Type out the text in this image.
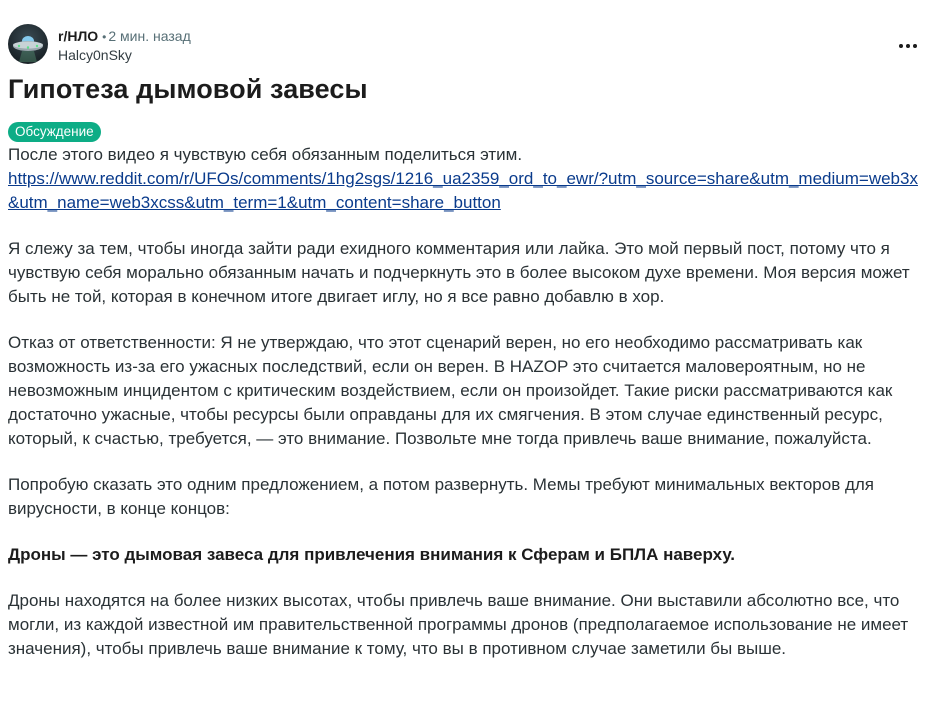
r/НЛО • 2 мин. назад
Halcy0nSky
Гипотеза дымовой завесы
Обсуждение

После этого видео я чувствую себя обязанным поделиться этим.
https://www.reddit.com/r/UFOs/comments/1hg2sgs/1216_ua2359_ord_to_ewr/?utm_source=share&utm_medium=web3x&utm_name=web3xcss&utm_term=1&utm_content=share_button

Я слежу за тем, чтобы иногда зайти ради ехидного комментария или лайка. Это мой первый пост, потому что я чувствую себя морально обязанным начать и подчеркнуть это в более высоком духе времени. Моя версия может быть не той, которая в конечном итоге двигает иглу, но я все равно добавлю в хор.

Отказ от ответственности: Я не утверждаю, что этот сценарий верен, но его необходимо рассматривать как возможность из-за его ужасных последствий, если он верен. В HAZOP это считается маловероятным, но не невозможным инцидентом с критическим воздействием, если он произойдет. Такие риски рассматриваются как достаточно ужасные, чтобы ресурсы были оправданы для их смягчения. В этом случае единственный ресурс, который, к счастью, требуется, — это внимание. Позвольте мне тогда привлечь ваше внимание, пожалуйста.

Попробую сказать это одним предложением, а потом развернуть. Мемы требуют минимальных векторов для вирусности, в конце концов:

Дроны — это дымовая завеса для привлечения внимания к Сферам и БПЛА наверху.

Дроны находятся на более низких высотах, чтобы привлечь ваше внимание. Они выставили абсолютно все, что могли, из каждой известной им правительственной программы дронов (предполагаемое использование не имеет значения), чтобы привлечь ваше внимание к тому, что вы в противном случае заметили бы выше.
